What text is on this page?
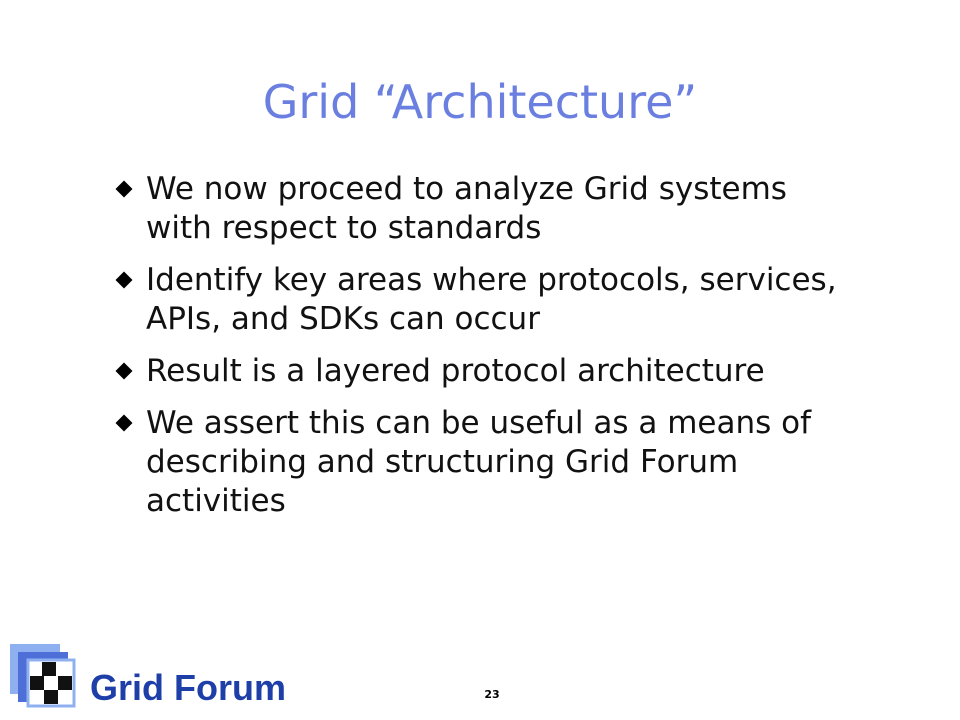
Grid “Architecture”
We now proceed to analyze Grid systems with respect to standards
Identify key areas where protocols, services, APIs, and SDKs can occur
Result is a layered protocol architecture
We assert this can be useful as a means of describing and structuring Grid Forum activities
Grid Forum	23
